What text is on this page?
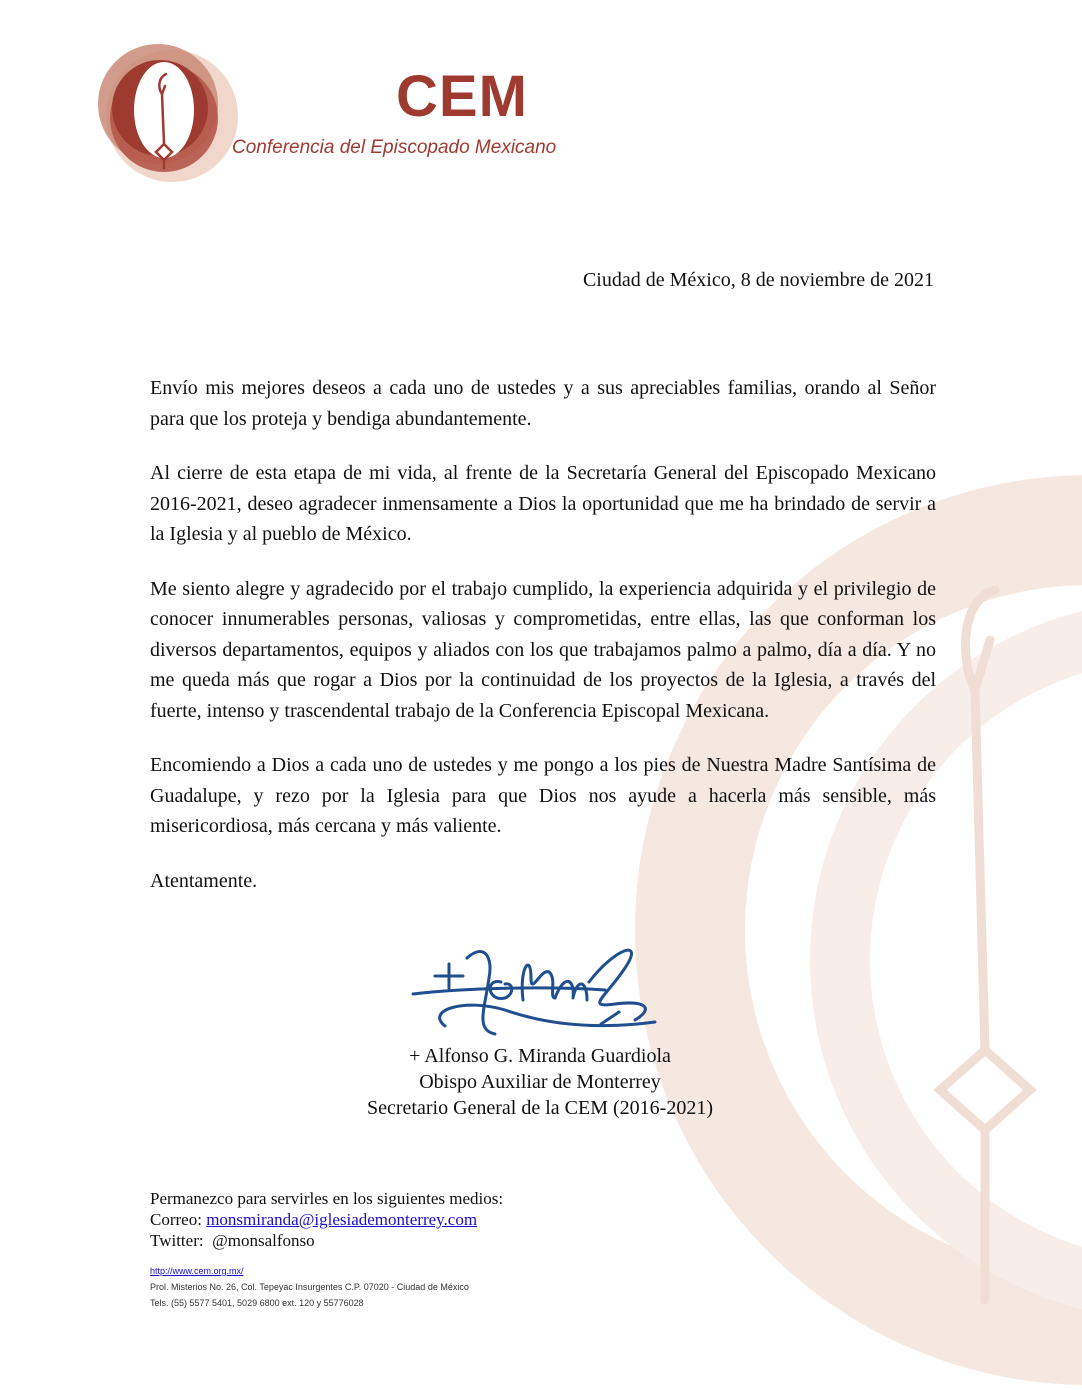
CEM
Conferencia del Episcopado Mexicano
Ciudad de México, 8 de noviembre de 2021

Envío mis mejores deseos a cada uno de ustedes y a sus apreciables familias, orando al Señor para que los proteja y bendiga abundantemente.

Al cierre de esta etapa de mi vida, al frente de la Secretaría General del Episcopado Mexicano 2016-2021, deseo agradecer inmensamente a Dios la oportunidad que me ha brindado de servir a la Iglesia y al pueblo de México.

Me siento alegre y agradecido por el trabajo cumplido, la experiencia adquirida y el privilegio de conocer innumerables personas, valiosas y comprometidas, entre ellas, las que conforman los diversos departamentos, equipos y aliados con los que trabajamos palmo a palmo, día a día. Y no me queda más que rogar a Dios por la continuidad de los proyectos de la Iglesia, a través del fuerte, intenso y trascendental trabajo de la Conferencia Episcopal Mexicana.

Encomiendo a Dios a cada uno de ustedes y me pongo a los pies de Nuestra Madre Santísima de Guadalupe, y rezo por la Iglesia para que Dios nos ayude a hacerla más sensible, más misericordiosa, más cercana y más valiente.

Atentamente.

+ Alfonso G. Miranda Guardiola
Obispo Auxiliar de Monterrey
Secretario General de la CEM (2016-2021)
Permanezco para servirles en los siguientes medios:
Correo: monsmiranda@iglesiademonterrey.com
Twitter:  @monsalfonso
http://www.cem.org.mx/
Prol. Misterios No. 26, Col. Tepeyac Insurgentes C.P. 07020 - Ciudad de México
Tels. (55) 5577 5401, 5029 6800 ext. 120 y 55776028
